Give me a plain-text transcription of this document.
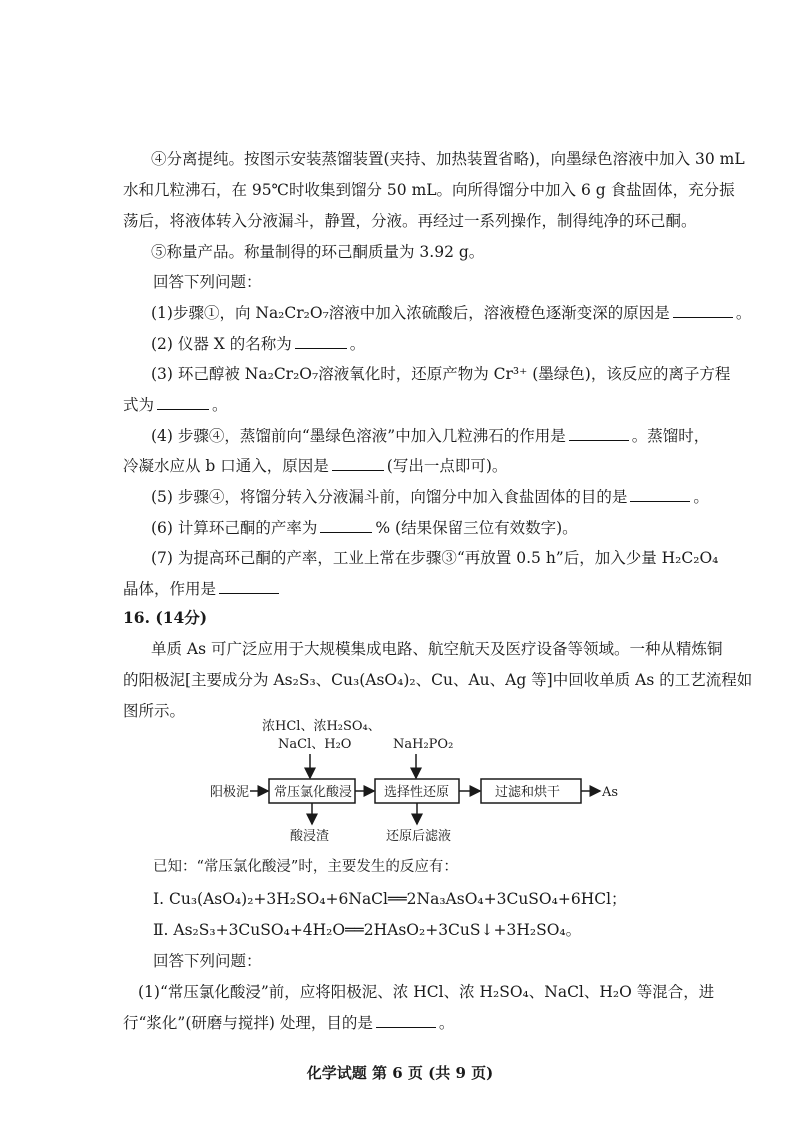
④分离提纯。按图示安装蒸馏装置(夹持、加热装置省略)，向墨绿色溶液中加入 30 mL
水和几粒沸石，在 95℃时收集到馏分 50 mL。向所得馏分中加入 6 g 食盐固体，充分振
荡后，将液体转入分液漏斗，静置，分液。再经过一系列操作，制得纯净的环己酮。
⑤称量产品。称量制得的环己酮质量为 3.92 g。
回答下列问题：
(1)步骤①，向 Na₂Cr₂O₇溶液中加入浓硫酸后，溶液橙色逐渐变深的原因是	。
(2) 仪器 X 的名称为	。
(3) 环己醇被 Na₂Cr₂O₇溶液氧化时，还原产物为 Cr³⁺ (墨绿色)，该反应的离子方程
式为	。
(4) 步骤④，蒸馏前向“墨绿色溶液”中加入几粒沸石的作用是	。蒸馏时，
冷凝水应从 b 口通入，原因是	(写出一点即可)。
(5) 步骤④，将馏分转入分液漏斗前，向馏分中加入食盐固体的目的是	。
(6) 计算环己酮的产率为	% (结果保留三位有效数字)。
(7) 为提高环己酮的产率，工业上常在步骤③“再放置 0.5 h”后，加入少量 H₂C₂O₄
晶体，作用是
16. (14分)
单质 As 可广泛应用于大规模集成电路、航空航天及医疗设备等领域。一种从精炼铜
的阳极泥[主要成分为 As₂S₃、Cu₃(AsO₄)₂、Cu、Au、Ag 等]中回收单质 As 的工艺流程如
图所示。
浓HCl、浓H₂SO₄、
NaCl、H₂O	NaH₂PO₂
阳极泥 常压氯化酸浸 选择性还原	过滤和烘干	As
酸浸渣	还原后滤液
已知：“常压氯化酸浸”时，主要发生的反应有：
Ⅰ. Cu₃(AsO₄)₂+3H₂SO₄+6NaCl══2Na₃AsO₄+3CuSO₄+6HCl；
Ⅱ. As₂S₃+3CuSO₄+4H₂O══2HAsO₂+3CuS↓+3H₂SO₄。
回答下列问题：
(1)“常压氯化酸浸”前，应将阳极泥、浓 HCl、浓 H₂SO₄、NaCl、H₂O 等混合，进
行“浆化”(研磨与搅拌) 处理，目的是	。
化学试题 第 6 页 (共 9 页)
